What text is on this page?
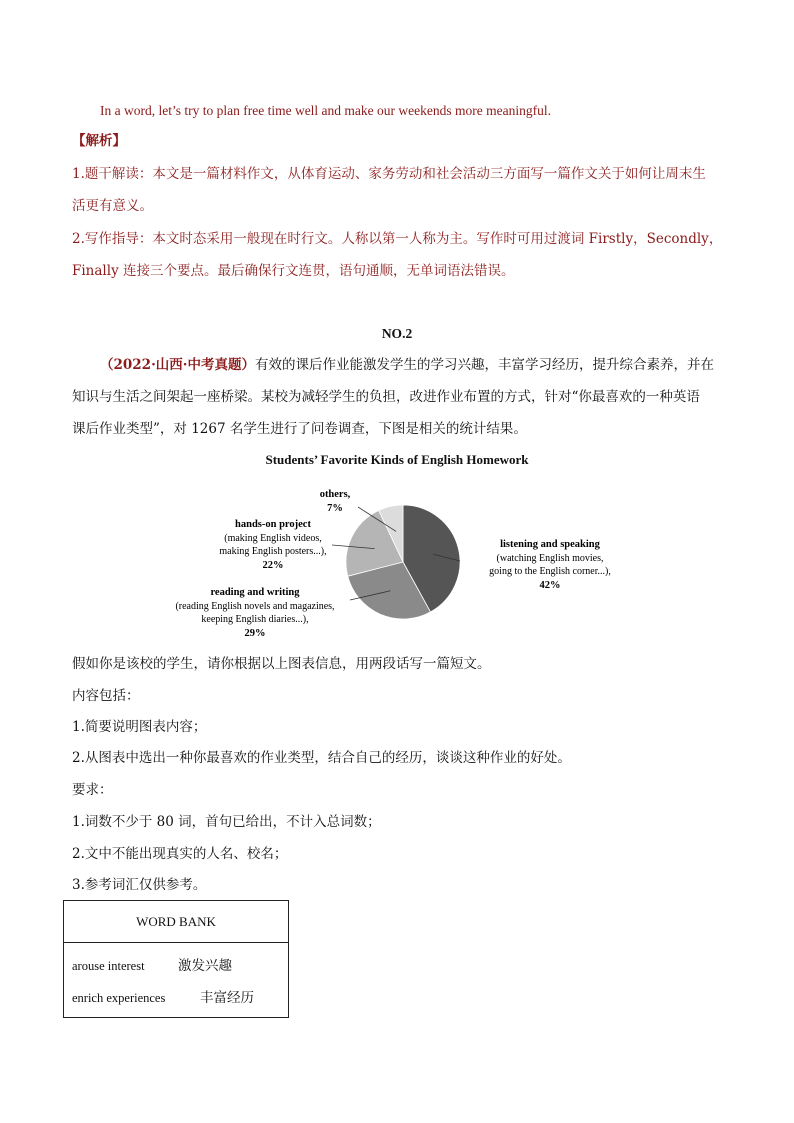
In a word, let’s try to plan free time well and make our weekends more meaningful.
【解析】
1.题干解读：本文是一篇材料作文，从体育运动、家务劳动和社会活动三方面写一篇作文关于如何让周末生
活更有意义。
2.写作指导：本文时态采用一般现在时行文。人称以第一人称为主。写作时可用过渡词 Firstly，Secondly，
Finally 连接三个要点。最后确保行文连贯，语句通顺，无单词语法错误。
NO.2
（2022·山西·中考真题）有效的课后作业能激发学生的学习兴趣，丰富学习经历，提升综合素养，并在
知识与生活之间架起一座桥梁。某校为减轻学生的负担，改进作业布置的方式，针对“你最喜欢的一种英语
课后作业类型”，对 1267 名学生进行了问卷调查，下图是相关的统计结果。
Students’ Favorite Kinds of English Homework
others,
7%
hands-on project
(making English videos,
making English posters...),
22%
reading and writing
(reading English novels and magazines,
keeping English diaries...),
29%
listening and speaking
(watching English movies,
going to the English corner...),
42%
假如你是该校的学生，请你根据以上图表信息，用两段话写一篇短文。
内容包括：
1.简要说明图表内容；
2.从图表中选出一种你最喜欢的作业类型，结合自己的经历，谈谈这种作业的好处。
要求：
1.词数不少于 80 词，首句已给出，不计入总词数；
2.文中不能出现真实的人名、校名；
3.参考词汇仅供参考。
WORD BANK
arouse interest 激发兴趣
enrich experiences	丰富经历
